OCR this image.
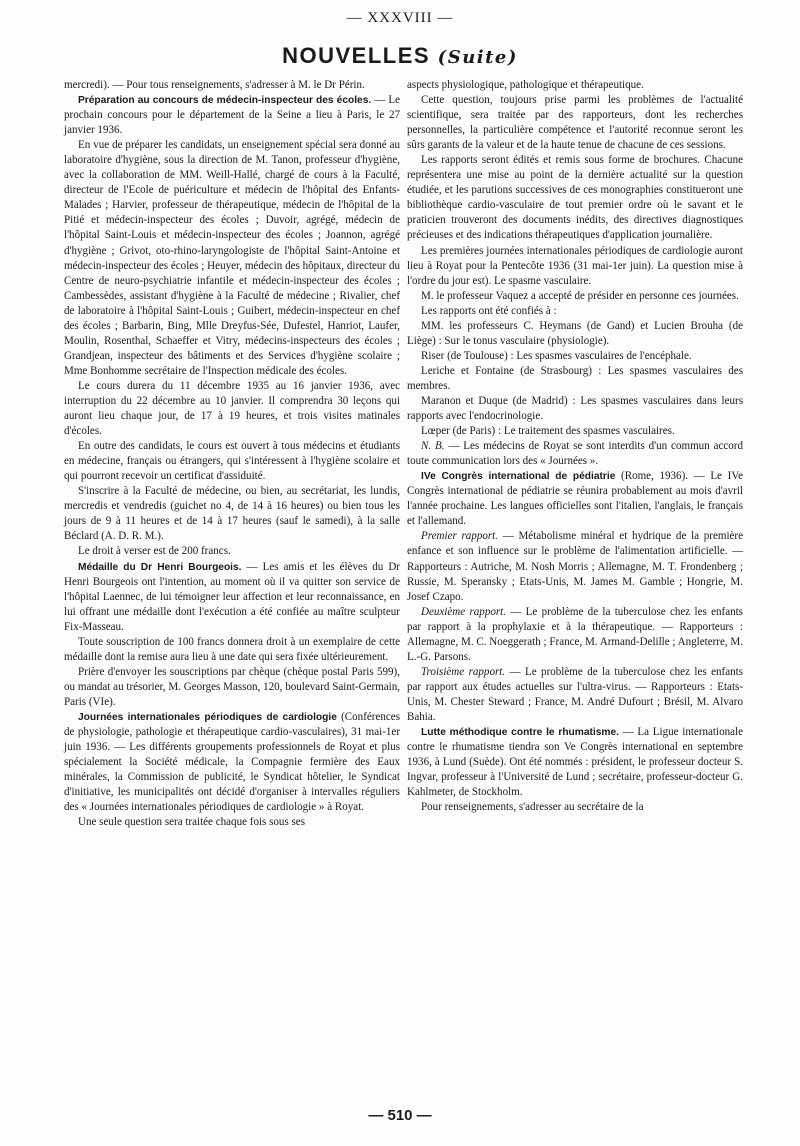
— XXXVIII —
NOUVELLES (Suite)

mercredi). — Pour tous renseignements, s'adresser à M. le Dr Périn.

Préparation au concours de médecin-inspecteur des écoles. — Le prochain concours pour le département de la Seine a lieu à Paris, le 27 janvier 1936.

En vue de préparer les candidats, un enseignement spécial sera donné au laboratoire d'hygiène, sous la direction de M. Tanon, professeur d'hygiène, avec la collaboration de MM. Weill-Hallé, chargé de cours à la Faculté, directeur de l'Ecole de puériculture et médecin de l'hôpital des Enfants-Malades ; Harvier, professeur de thérapeutique, médecin de l'hôpital de la Pitié et médecin-inspecteur des écoles ; Duvoir, agrégé, médecin de l'hôpital Saint-Louis et médecin-inspecteur des écoles ; Joannon, agrégé d'hygiène ; Grivot, oto-rhino-laryngologiste de l'hôpital Saint-Antoine et médecin-inspecteur des écoles ; Heuyer, médecin des hôpitaux, directeur du Centre de neuro-psychiatrie infantile et médecin-inspecteur des écoles ; Cambessèdes, assistant d'hygiène à la Faculté de médecine ; Rivalier, chef de laboratoire à l'hôpital Saint-Louis ; Guibert, médecin-inspecteur en chef des écoles ; Barbarin, Bing, Mlle Dreyfus-Sée, Dufestel, Hanriot, Laufer, Moulin, Rosenthal, Schaeffer et Vitry, médecins-inspecteurs des écoles ; Grandjean, inspecteur des bâtiments et des Services d'hygiène scolaire ; Mme Bonhomme secrétaire de l'Inspection médicale des écoles.

Le cours durera du 11 décembre 1935 au 16 janvier 1936, avec interruption du 22 décembre au 10 janvier. Il comprendra 30 leçons qui auront lieu chaque jour, de 17 à 19 heures, et trois visites matinales d'écoles.

En outre des candidats, le cours est ouvert à tous médecins et étudiants en médecine, français ou étrangers, qui s'intéressent à l'hygiène scolaire et qui pourront recevoir un certificat d'assiduité.

S'inscrire à la Faculté de médecine, ou bien, au secrétariat, les lundis, mercredis et vendredis (guichet no 4, de 14 à 16 heures) ou bien tous les jours de 9 à 11 heures et de 14 à 17 heures (sauf le samedi), à la salle Béclard (A. D. R. M.).

Le droit à verser est de 200 francs.

Médaille du Dr Henri Bourgeois. — Les amis et les élèves du Dr Henri Bourgeois ont l'intention, au moment où il va quitter son service de l'hôpital Laennec, de lui témoigner leur affection et leur reconnaissance, en lui offrant une médaille dont l'exécution a été confiée au maître sculpteur Fix-Masseau.

Toute souscription de 100 francs donnera droit à un exemplaire de cette médaille dont la remise aura lieu à une date qui sera fixée ultérieurement.

Prière d'envoyer les souscriptions par chèque (chèque postal Paris 599), ou mandat au trésorier, M. Georges Masson, 120, boulevard Saint-Germain, Paris (VIe).

Journées internationales périodiques de cardiologie (Conférences de physiologie, pathologie et thérapeutique cardio-vasculaires), 31 mai-1er juin 1936. — Les différents groupements professionnels de Royat et plus spécialement la Société médicale, la Compagnie fermière des Eaux minérales, la Commission de publicité, le Syndicat hôtelier, le Syndicat d'initiative, les municipalités ont décidé d'organiser à intervalles réguliers des « Journées internationales périodiques de cardiologie » à Royat.

Une seule question sera traitée chaque fois sous ses

aspects physiologique, pathologique et thérapeutique.

Cette question, toujours prise parmi les problèmes de l'actualité scientifique, sera traitée par des rapporteurs, dont les recherches personnelles, la particulière compétence et l'autorité reconnue seront les sûrs garants de la valeur et de la haute tenue de chacune de ces sessions.

Les rapports seront édités et remis sous forme de brochures. Chacune représentera une mise au point de la dernière actualité sur la question étudiée, et les parutions successives de ces monographies constitueront une bibliothèque cardio-vasculaire de tout premier ordre où le savant et le praticien trouveront des documents inédits, des directives diagnostiques précieuses et des indications thérapeutiques d'application journalière.

Les premières journées internationales périodiques de cardiologie auront lieu à Royat pour la Pentecôte 1936 (31 mai-1er juin). La question mise à l'ordre du jour est). Le spasme vasculaire.

M. le professeur Vaquez a accepté de présider en personne ces journées.

Les rapports ont été confiés à :

MM. les professeurs C. Heymans (de Gand) et Lucien Brouha (de Liège) : Sur le tonus vasculaire (physiologie).

Riser (de Toulouse) : Les spasmes vasculaires de l'encéphale.

Leriche et Fontaine (de Strasbourg) : Les spasmes vasculaires des membres.

Maranon et Duque (de Madrid) : Les spasmes vasculaires dans leurs rapports avec l'endocrinologie.

Lœper (de Paris) : Le traitement des spasmes vasculaires.

N. B. — Les médecins de Royat se sont interdits d'un commun accord toute communication lors des « Journées ».

IVe Congrès international de pédiatrie (Rome, 1936). — Le IVe Congrès international de pédiatrie se réunira probablement au mois d'avril l'année prochaine. Les langues officielles sont l'italien, l'anglais, le français et l'allemand.

Premier rapport. — Métabolisme minéral et hydrique de la première enfance et son influence sur le problème de l'alimentation artificielle. — Rapporteurs : Autriche, M. Nosh Morris ; Allemagne, M. T. Frondenberg ; Russie, M. Speransky ; Etats-Unis, M. James M. Gamble ; Hongrie, M. Josef Czapo.

Deuxième rapport. — Le problème de la tuberculose chez les enfants par rapport à la prophylaxie et à la thérapeutique. — Rapporteurs : Allemagne, M. C. Noeggerath ; France, M. Armand-Delille ; Angleterre, M. L.-G. Parsons.

Troisième rapport. — Le problème de la tuberculose chez les enfants par rapport aux études actuelles sur l'ultra-virus. — Rapporteurs : Etats-Unis, M. Chester Steward ; France, M. André Dufourt ; Brésil, M. Alvaro Bahia.

Lutte méthodique contre le rhumatisme. — La Ligue internationale contre le rhumatisme tiendra son Ve Congrès international en septembre 1936, à Lund (Suède). Ont été nommés : président, le professeur docteur S. Ingvar, professeur à l'Université de Lund ; secrétaire, professeur-docteur G. Kahlmeter, de Stockholm.

Pour renseignements, s'adresser au secrétaire de la

— 510 —
